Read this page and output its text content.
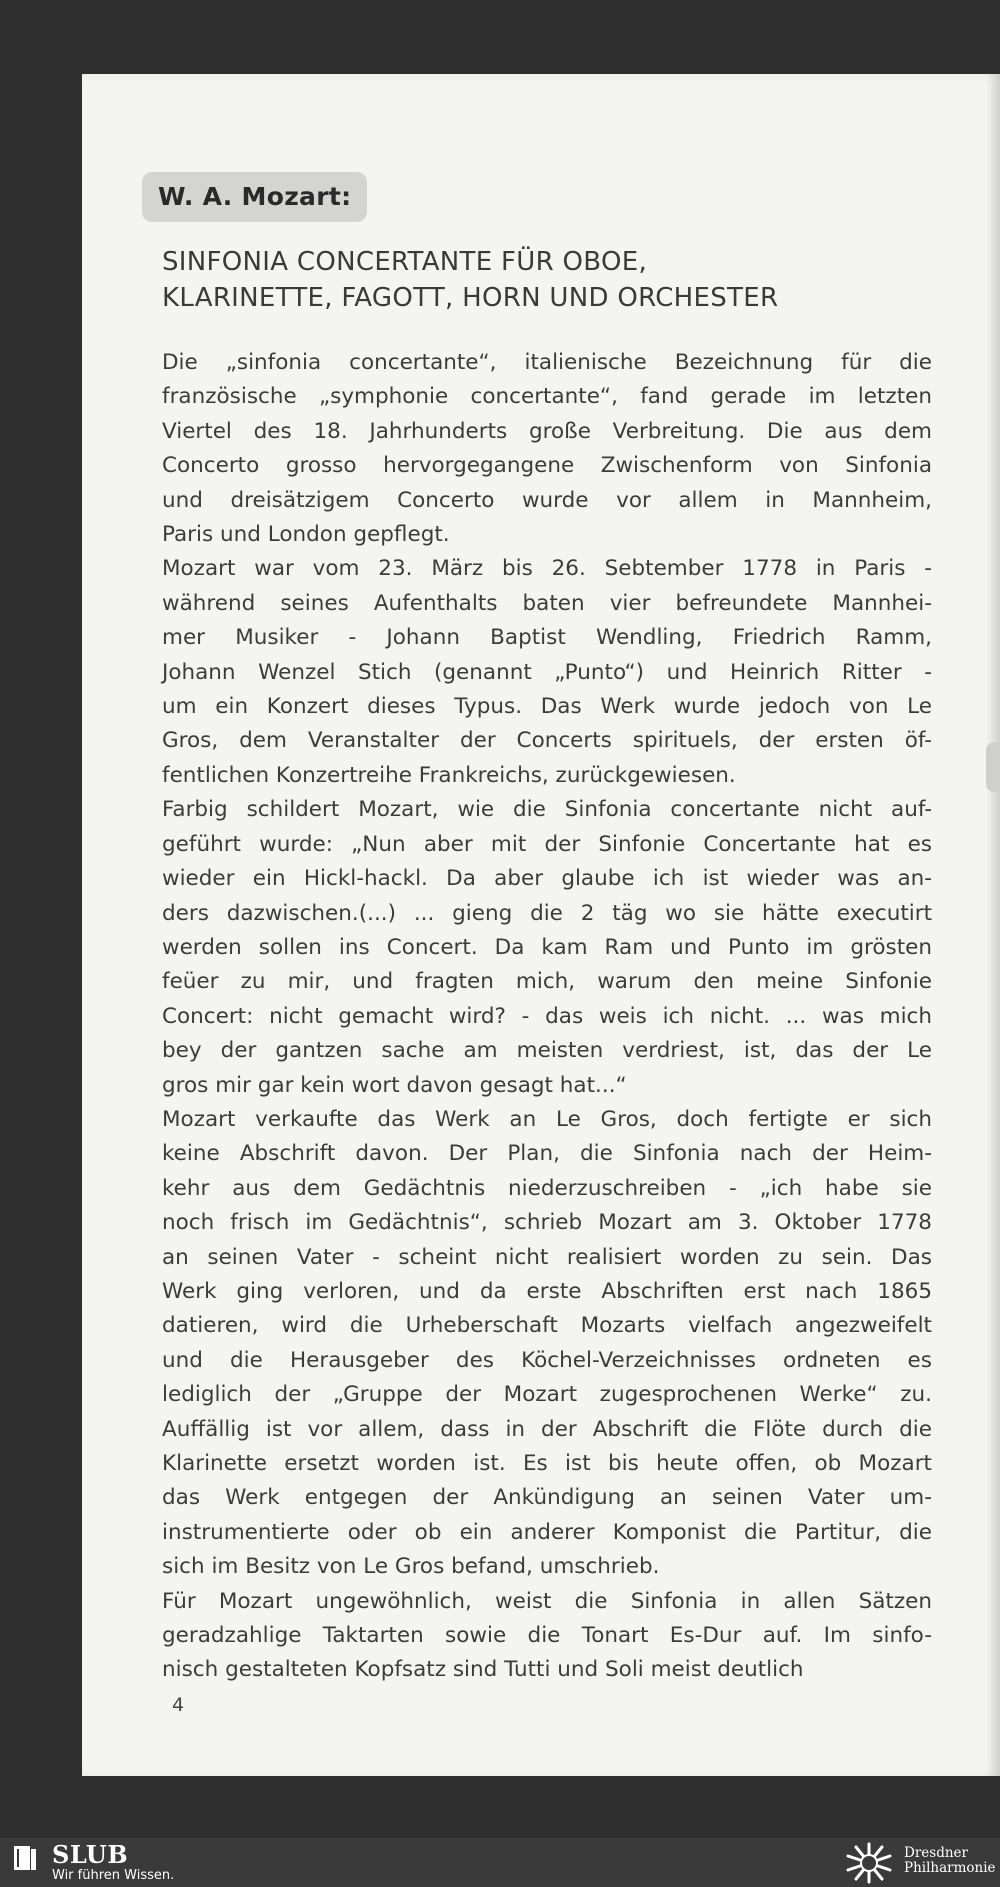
W. A. Mozart:
SINFONIA CONCERTANTE FÜR OBOE,
KLARINETTE, FAGOTT, HORN UND ORCHESTER
Die „sinfonia concertante“, italienische Bezeichnung für die
französische „symphonie concertante“, fand gerade im letzten
Viertel des 18. Jahrhunderts große Verbreitung. Die aus dem
Concerto grosso hervorgegangene Zwischenform von Sinfonia
und dreisätzigem Concerto wurde vor allem in Mannheim,
Paris und London gepflegt.
Mozart war vom 23. März bis 26. Sebtember 1778 in Paris -
während seines Aufenthalts baten vier befreundete Mannhei-
mer Musiker - Johann Baptist Wendling, Friedrich Ramm,
Johann Wenzel Stich (genannt „Punto“) und Heinrich Ritter -
um ein Konzert dieses Typus. Das Werk wurde jedoch von Le
Gros, dem Veranstalter der Concerts spirituels, der ersten öf-
fentlichen Konzertreihe Frankreichs, zurückgewiesen.
Farbig schildert Mozart, wie die Sinfonia concertante nicht auf-
geführt wurde: „Nun aber mit der Sinfonie Concertante hat es
wieder ein Hickl-hackl. Da aber glaube ich ist wieder was an-
ders dazwischen.(...) ... gieng die 2 täg wo sie hätte executirt
werden sollen ins Concert. Da kam Ram und Punto im grösten
feüer zu mir, und fragten mich, warum den meine Sinfonie
Concert: nicht gemacht wird? - das weis ich nicht. ... was mich
bey der gantzen sache am meisten verdriest, ist, das der Le
gros mir gar kein wort davon gesagt hat...“
Mozart verkaufte das Werk an Le Gros, doch fertigte er sich
keine Abschrift davon. Der Plan, die Sinfonia nach der Heim-
kehr aus dem Gedächtnis niederzuschreiben - „ich habe sie
noch frisch im Gedächtnis“, schrieb Mozart am 3. Oktober 1778
an seinen Vater - scheint nicht realisiert worden zu sein. Das
Werk ging verloren, und da erste Abschriften erst nach 1865
datieren, wird die Urheberschaft Mozarts vielfach angezweifelt
und die Herausgeber des Köchel-Verzeichnisses ordneten es
lediglich der „Gruppe der Mozart zugesprochenen Werke“ zu.
Auffällig ist vor allem, dass in der Abschrift die Flöte durch die
Klarinette ersetzt worden ist. Es ist bis heute offen, ob Mozart
das Werk entgegen der Ankündigung an seinen Vater um-
instrumentierte oder ob ein anderer Komponist die Partitur, die
sich im Besitz von Le Gros befand, umschrieb.
Für Mozart ungewöhnlich, weist die Sinfonia in allen Sätzen
geradzahlige Taktarten sowie die Tonart Es-Dur auf. Im sinfo-
nisch gestalteten Kopfsatz sind Tutti und Soli meist deutlich
4
SLUB
Wir führen Wissen.
Dresdner
Philharmonie
